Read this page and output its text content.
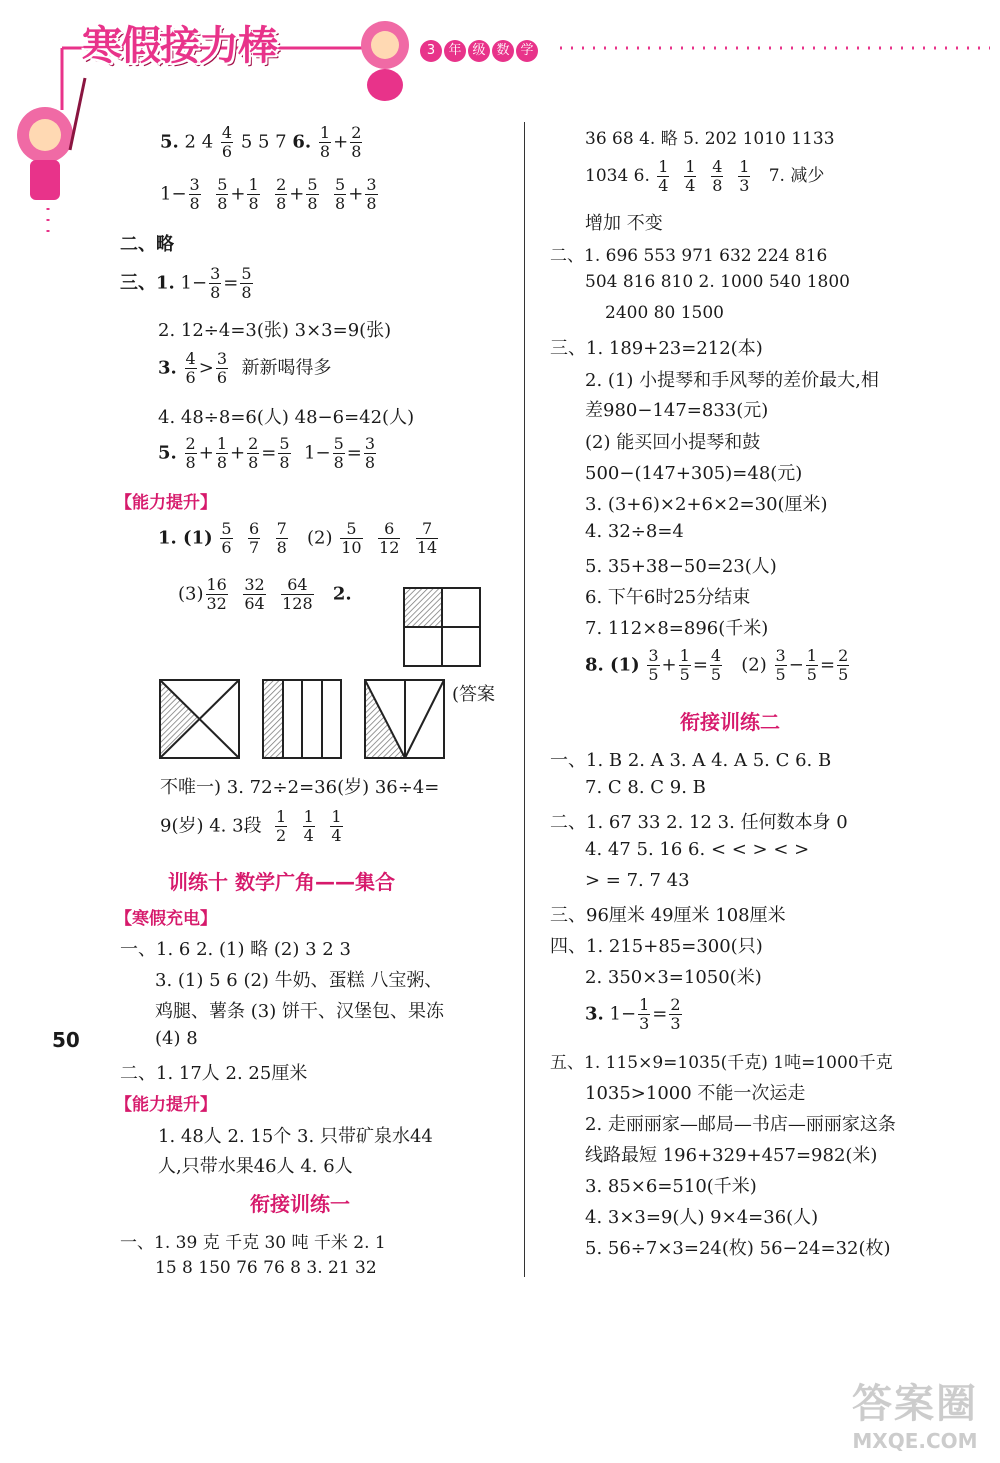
寒假接力棒	3 年 级 数 学
5. 2 $4 \frac{4}{6} 5$ 5 7 6. $\frac{1}{8} + \frac{2}{8}$
$1- \frac{3}{8}$
$\frac{5}{8} + \frac{1}{8}$
$\frac{2}{8} + \frac{5}{8}$
$\frac{5}{8} + \frac{3}{8}$
二、略
三、1. $1- \frac{3}{8} = \frac{5}{8}$
2. 12÷4=3(张) 3×3=9(张)
3. $\frac{4}{6} > \frac{3}{6}$ 新新喝得多
4. 48÷8=6(人) 48−6=42(人)
5. $\frac{2}{8} + \frac{1}{8} + \frac{2}{8} = \frac{5}{8} 1- \frac{5}{8} = \frac{3}{8}$
【能力提升】
1. $(1) \frac{5}{6}$
$\frac{6}{7}$
$\frac{7}{8} (2) \frac{5}{10}$
$\frac{6}{12}$
$\frac{7}{14}$
$(3) \frac{16}{32}$
$\frac{32}{64}$
$\frac{64}{128} 2$.
(答案
不唯一) 3. 72÷2=36(岁) 36÷4=
9(岁) 4. 3段 $\frac{1}{2}$
$\frac{1}{4}$
$\frac{1}{4}$
训练十 数学广角——集合
【寒假充电】
一、1. 6 2. (1) 略 (2) 3 2 3
3. (1) 5 6 (2) 牛奶、蛋糕 八宝粥、
鸡腿、薯条 (3) 饼干、汉堡包、果冻
(4) 8
50
二、1. 17人 2. 25厘米
【能力提升】
1. 48人 2. 15个 3. 只带矿泉水44
人,只带水果46人 4. 6人
衔接训练一
一、1. 39 克 千克 30 吨 千米 2. 1
15 8 150 76 76 8 3. 21 32
36 68 4. 略 5. 202 1010 1133
1034 6. $\frac{1}{4}$
$\frac{1}{4}$
$\frac{4}{8}$
$\frac{1}{3} 7$. 减少
增加 不变
二、1. 696 553 971 632 224 816
504 816 810 2. 1000 540 1800
2400 80 1500
三、1. 189+23=212(本)
2. (1) 小提琴和手风琴的差价最大,相
差980−147=833(元)
(2) 能买回小提琴和鼓
500−(147+305)=48(元)
3. (3+6)×2+6×2=30(厘米)
4. 32÷8=4
5. 35+38−50=23(人)
6. 下午6时25分结束
7. 112×8=896(千米)
8. $(1) \frac{3}{5} + \frac{1}{5} = \frac{4}{5} (2) \frac{3}{5} - \frac{1}{5} = \frac{2}{5}$
衔接训练二
一、1. B 2. A 3. A 4. A 5. C 6. B
7. C 8. C 9. B
二、1. 67 33 2. 12 3. 任何数本身 0
4. 47 5. 16 6. < < > < >
> = 7. 7 43
三、96厘米 49厘米 108厘米
四、1. 215+85=300(只)
2. 350×3=1050(米)
3. $1- \frac{1}{3} = \frac{2}{3}$
五、1. 115×9=1035(千克) 1吨=1000千克
1035>1000 不能一次运走
2. 走丽丽家—邮局—书店—丽丽家这条
线路最短 196+329+457=982(米)
3. 85×6=510(千米)
4. 3×3=9(人) 9×4=36(人)
5. 56÷7×3=24(枚) 56−24=32(枚)
答案圈
MXQE.COM
